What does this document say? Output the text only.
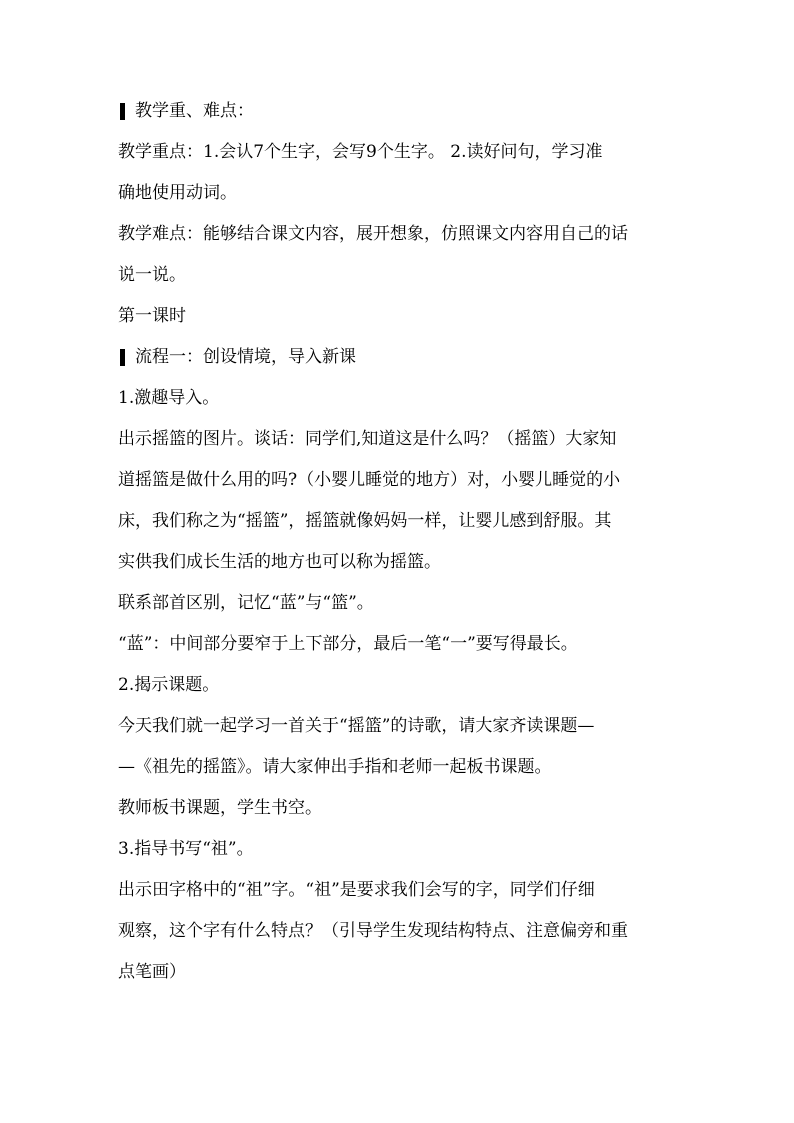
教学重、难点：
教学重点：1.会认7个生字，会写9个生字。 2.读好问句，学习准
确地使用动词。
教学难点：能够结合课文内容，展开想象，仿照课文内容用自己的话
说一说。
第一课时
流程一：创设情境，导入新课
1.激趣导入。
出示摇篮的图片。谈话：同学们,知道这是什么吗？（摇篮）大家知
道摇篮是做什么用的吗?（小婴儿睡觉的地方）对，小婴儿睡觉的小
床，我们称之为“摇篮”，摇篮就像妈妈一样，让婴儿感到舒服。其
实供我们成长生活的地方也可以称为摇篮。
联系部首区别，记忆“蓝”与“篮”。
“蓝”：中间部分要窄于上下部分，最后一笔“一”要写得最长。
2.揭示课题。
今天我们就一起学习一首关于“摇篮”的诗歌，请大家齐读课题—
—《祖先的摇篮》。请大家伸出手指和老师一起板书课题。
教师板书课题，学生书空。
3.指导书写“祖”。
出示田字格中的“祖”字。“祖”是要求我们会写的字，同学们仔细
观察，这个字有什么特点？（引导学生发现结构特点、注意偏旁和重
点笔画）
